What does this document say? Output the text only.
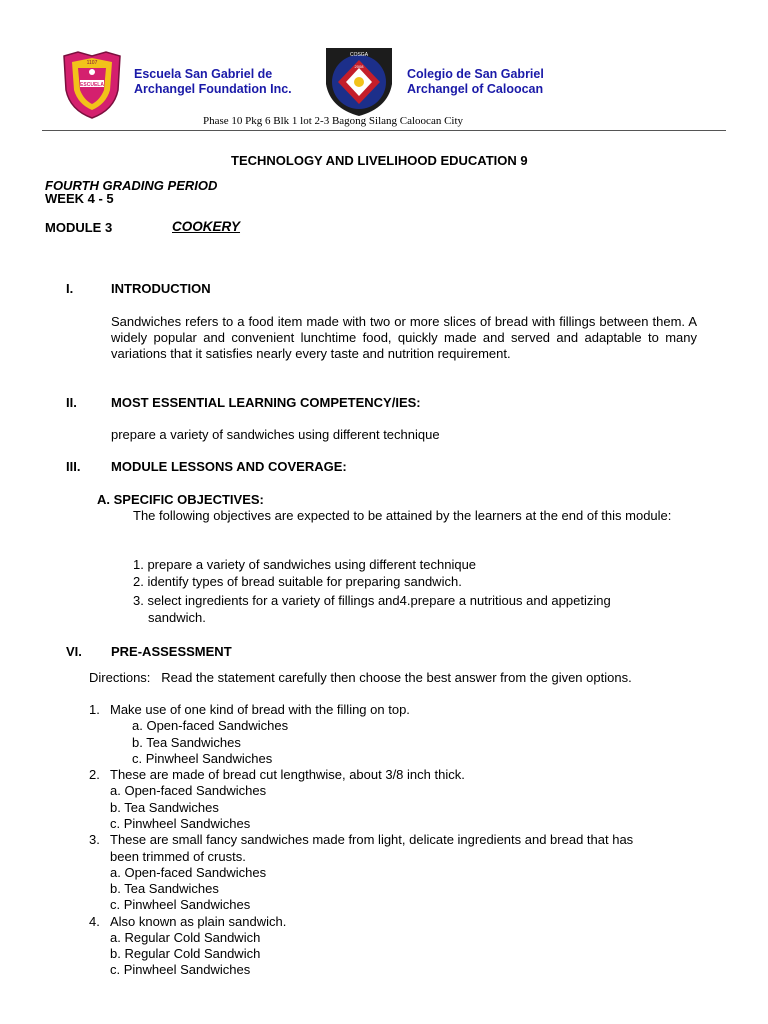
1107
ESCUELA
Escuela San Gabriel de
Archangel Foundation Inc.
COSGA
2008
Colegio de San Gabriel
Archangel of Caloocan
Phase 10 Pkg 6 Blk 1 lot 2-3 Bagong Silang Caloocan City
TECHNOLOGY AND LIVELIHOOD EDUCATION 9
FOURTH GRADING PERIOD
WEEK 4 - 5
MODULE 3	COOKERY
I.	INTRODUCTION
Sandwiches refers to a food item made with two or more slices of bread with fillings between them. A widely popular and convenient lunchtime food, quickly made and served and adaptable to many variations that it satisfies nearly every taste and nutrition requirement.
II.	MOST ESSENTIAL LEARNING COMPETENCY/IES:
prepare a variety of sandwiches using different technique
III. MODULE LESSONS AND COVERAGE:
A. SPECIFIC OBJECTIVES:
The following objectives are expected to be attained by the learners at the end of this module:
1. prepare a variety of sandwiches using different technique
2. identify types of bread suitable for preparing sandwich.
3. select ingredients for a variety of fillings and4.prepare a nutritious and appetizing
sandwich.
VI. PRE-ASSESSMENT
Directions:   Read the statement carefully then choose the best answer from the given options.
1. Make use of one kind of bread with the filling on top.
a. Open-faced Sandwiches
b. Tea Sandwiches
c. Pinwheel Sandwiches
2. These are made of bread cut lengthwise, about 3/8 inch thick.
a. Open-faced Sandwiches
b. Tea Sandwiches
c. Pinwheel Sandwiches
3. These are small fancy sandwiches made from light, delicate ingredients and bread that has
been trimmed of crusts.
a. Open-faced Sandwiches
b. Tea Sandwiches
c. Pinwheel Sandwiches
4. Also known as plain sandwich.
a. Regular Cold Sandwich
b. Regular Cold Sandwich
c. Pinwheel Sandwiches
